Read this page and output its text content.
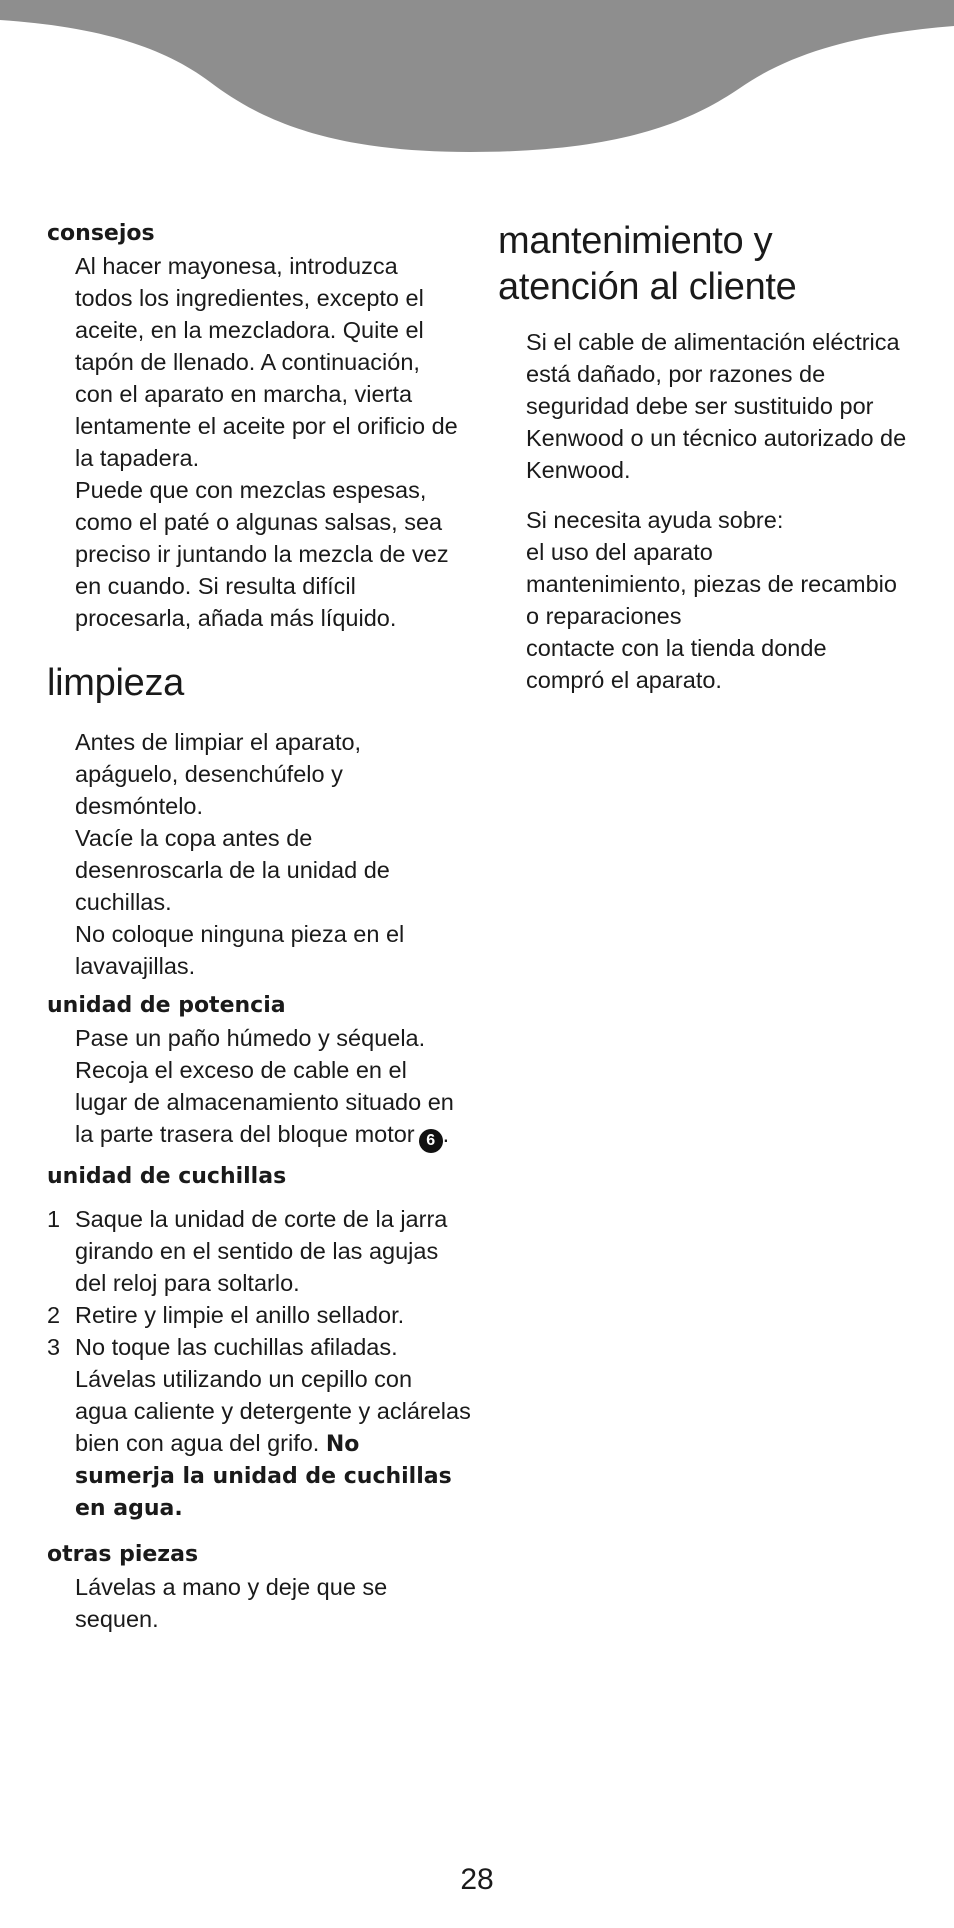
consejos
Al hacer mayonesa, introduzca
todos los ingredientes, excepto el
aceite, en la mezcladora. Quite el
tapón de llenado. A continuación,
con el aparato en marcha, vierta
lentamente el aceite por el orificio de
la tapadera.
Puede que con mezclas espesas,
como el paté o algunas salsas, sea
preciso ir juntando la mezcla de vez
en cuando. Si resulta difícil
procesarla, añada más líquido.
limpieza
Antes de limpiar el aparato,
apáguelo, desenchúfelo y
desmóntelo.
Vacíe la copa antes de
desenroscarla de la unidad de
cuchillas.
No coloque ninguna pieza en el
lavavajillas.
unidad de potencia
Pase un paño húmedo y séquela.
Recoja el exceso de cable en el
lugar de almacenamiento situado en
la parte trasera del bloque motor 6 .
unidad de cuchillas
1 Saque la unidad de corte de la jarra
girando en el sentido de las agujas
del reloj para soltarlo.
2 Retire y limpie el anillo sellador.
3 No toque las cuchillas afiladas.
Lávelas utilizando un cepillo con
agua caliente y detergente y aclárelas
bien con agua del grifo. No
sumerja la unidad de cuchillas
en agua.
otras piezas
Lávelas a mano y deje que se
sequen.
mantenimiento y
atención al cliente
Si el cable de alimentación eléctrica
está dañado, por razones de
seguridad debe ser sustituido por
Kenwood o un técnico autorizado de
Kenwood.
Si necesita ayuda sobre:
el uso del aparato
mantenimiento, piezas de recambio
o reparaciones
contacte con la tienda donde
compró el aparato.
28
